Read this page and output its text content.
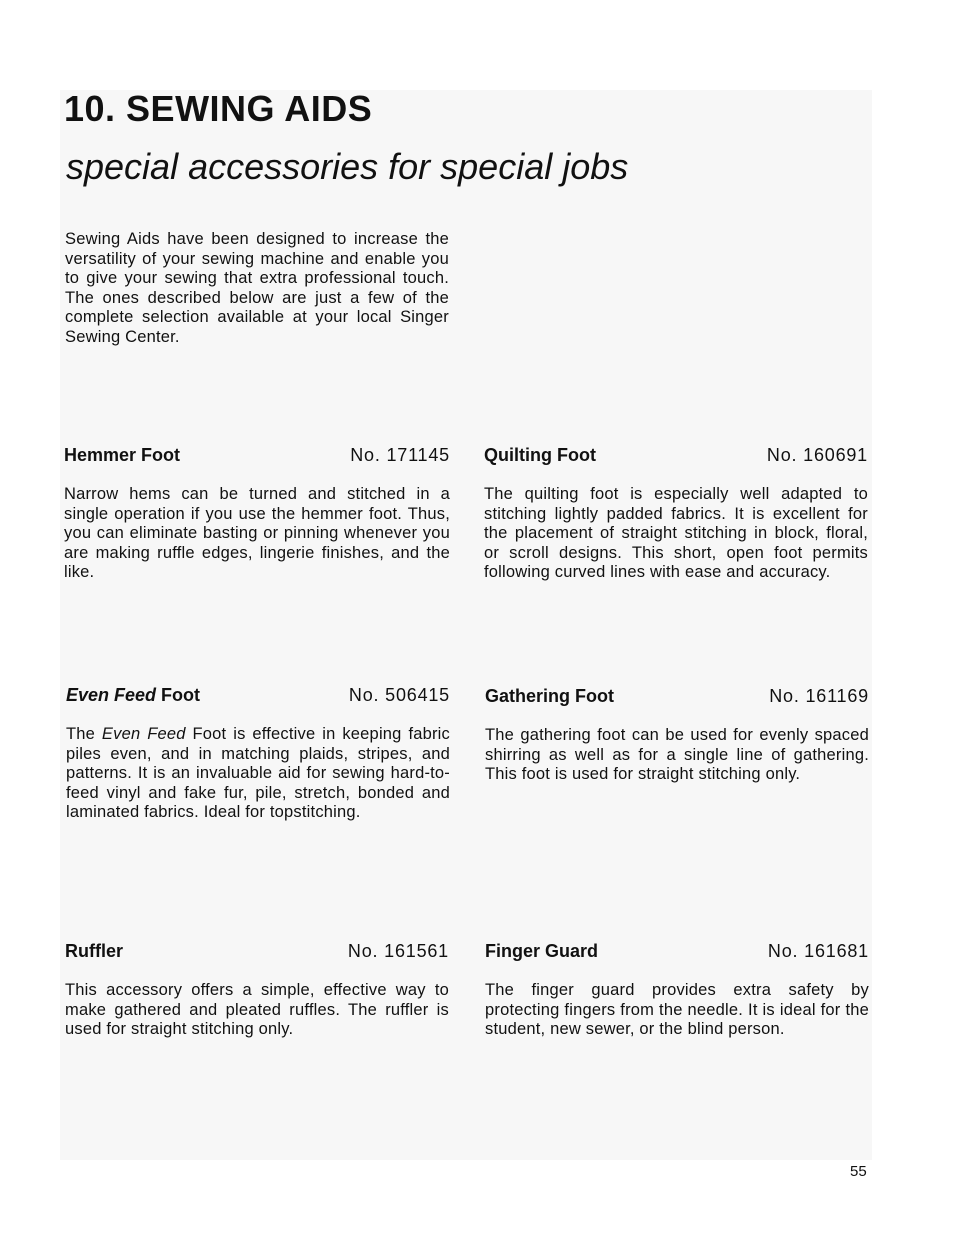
10. SEWING AIDS
special accessories for special jobs

Sewing Aids have been designed to increase the versatility of your sewing machine and enable you to give your sewing that extra professional touch. The ones described below are just a few of the complete selection available at your local Singer Sewing Center.

Hemmer Foot	No. 171145

Narrow hems can be turned and stitched in a single operation if you use the hemmer foot. Thus, you can eliminate basting or pinning whenever you are making ruffle edges, lingerie finishes, and the like.

Quilting Foot	No. 160691

The quilting foot is especially well adapted to stitching lightly padded fabrics. It is excellent for the placement of straight stitching in block, floral, or scroll designs. This short, open foot permits following curved lines with ease and accuracy.

Even Feed Foot	No. 506415

The Even Feed Foot is effective in keeping fabric piles even, and in matching plaids, stripes, and patterns. It is an invaluable aid for sewing hard-to-feed vinyl and fake fur, pile, stretch, bonded and laminated fabrics. Ideal for topstitching.

Gathering Foot	No. 161169

The gathering foot can be used for evenly spaced shirring as well as for a single line of gathering. This foot is used for straight stitching only.

Ruffler	No. 161561

This accessory offers a simple, effective way to make gathered and pleated ruffles. The ruffler is used for straight stitching only.

Finger Guard	No. 161681

The finger guard provides extra safety by protecting fingers from the needle. It is ideal for the student, new sewer, or the blind person.

55
